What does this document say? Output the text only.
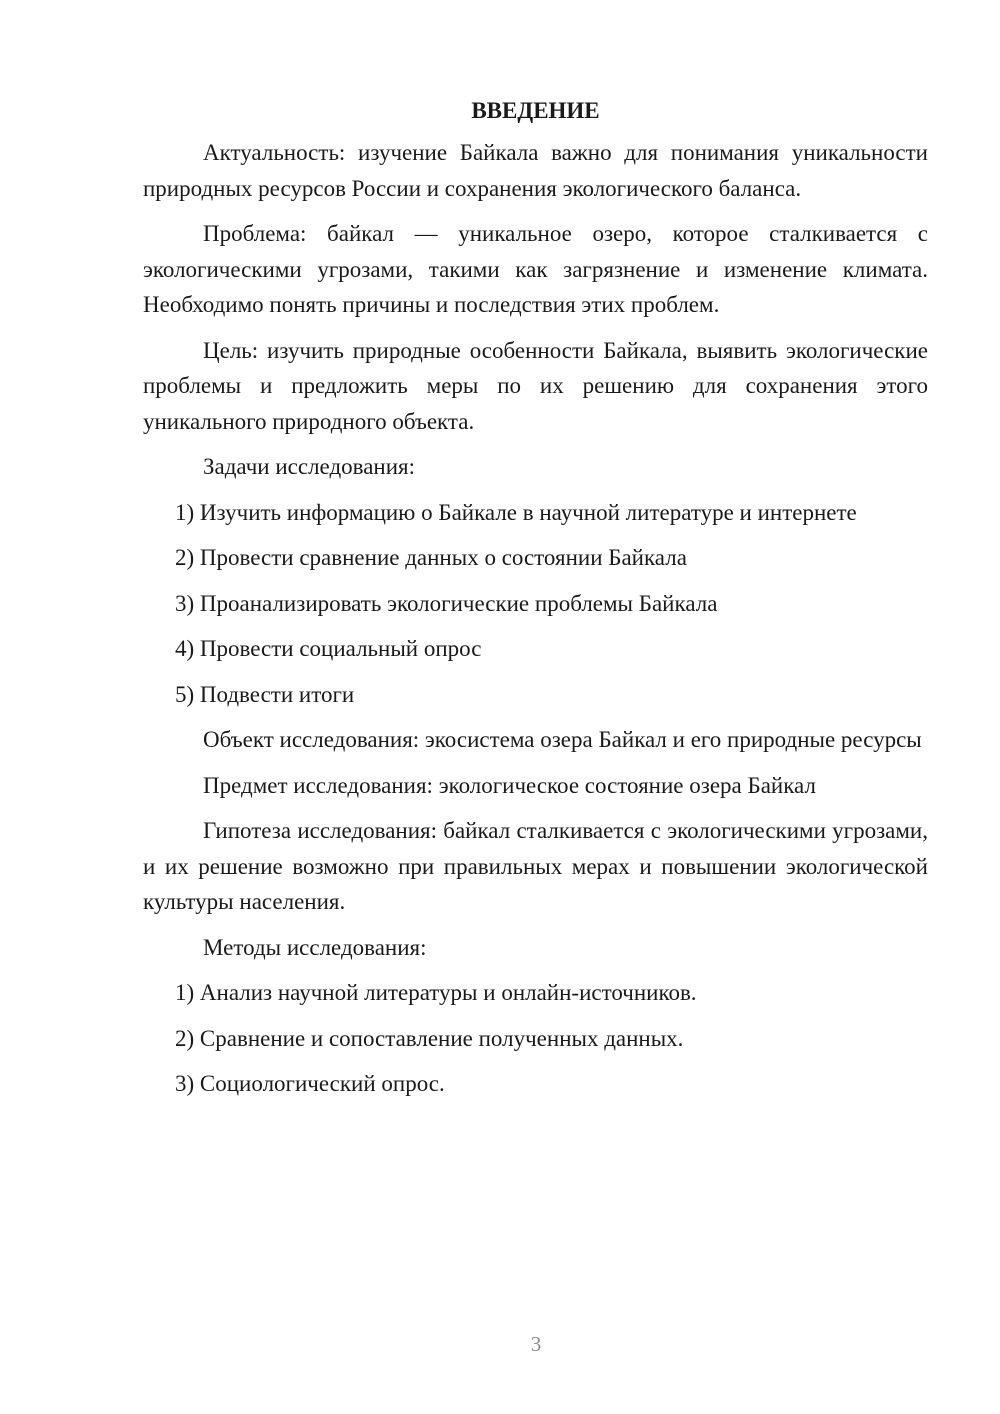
ВВЕДЕНИЕ

Актуальность: изучение Байкала важно для понимания уникальности природных ресурсов России и сохранения экологического баланса.

Проблема: байкал — уникальное озеро, которое сталкивается с экологическими угрозами, такими как загрязнение и изменение климата. Необходимо понять причины и последствия этих проблем.

Цель: изучить природные особенности Байкала, выявить экологические проблемы и предложить меры по их решению для сохранения этого уникального природного объекта.

Задачи исследования:

1) Изучить информацию о Байкале в научной литературе и интернете
2) Провести сравнение данных о состоянии Байкала
3) Проанализировать экологические проблемы Байкала
4) Провести социальный опрос
5) Подвести итоги

Объект исследования: экосистема озера Байкал и его природные ресурсы

Предмет исследования: экологическое состояние озера Байкал

Гипотеза исследования: байкал сталкивается с экологическими угрозами, и их решение возможно при правильных мерах и повышении экологической культуры населения.

Методы исследования:

1) Анализ научной литературы и онлайн-источников.
2) Сравнение и сопоставление полученных данных.
3) Социологический опрос.
3
